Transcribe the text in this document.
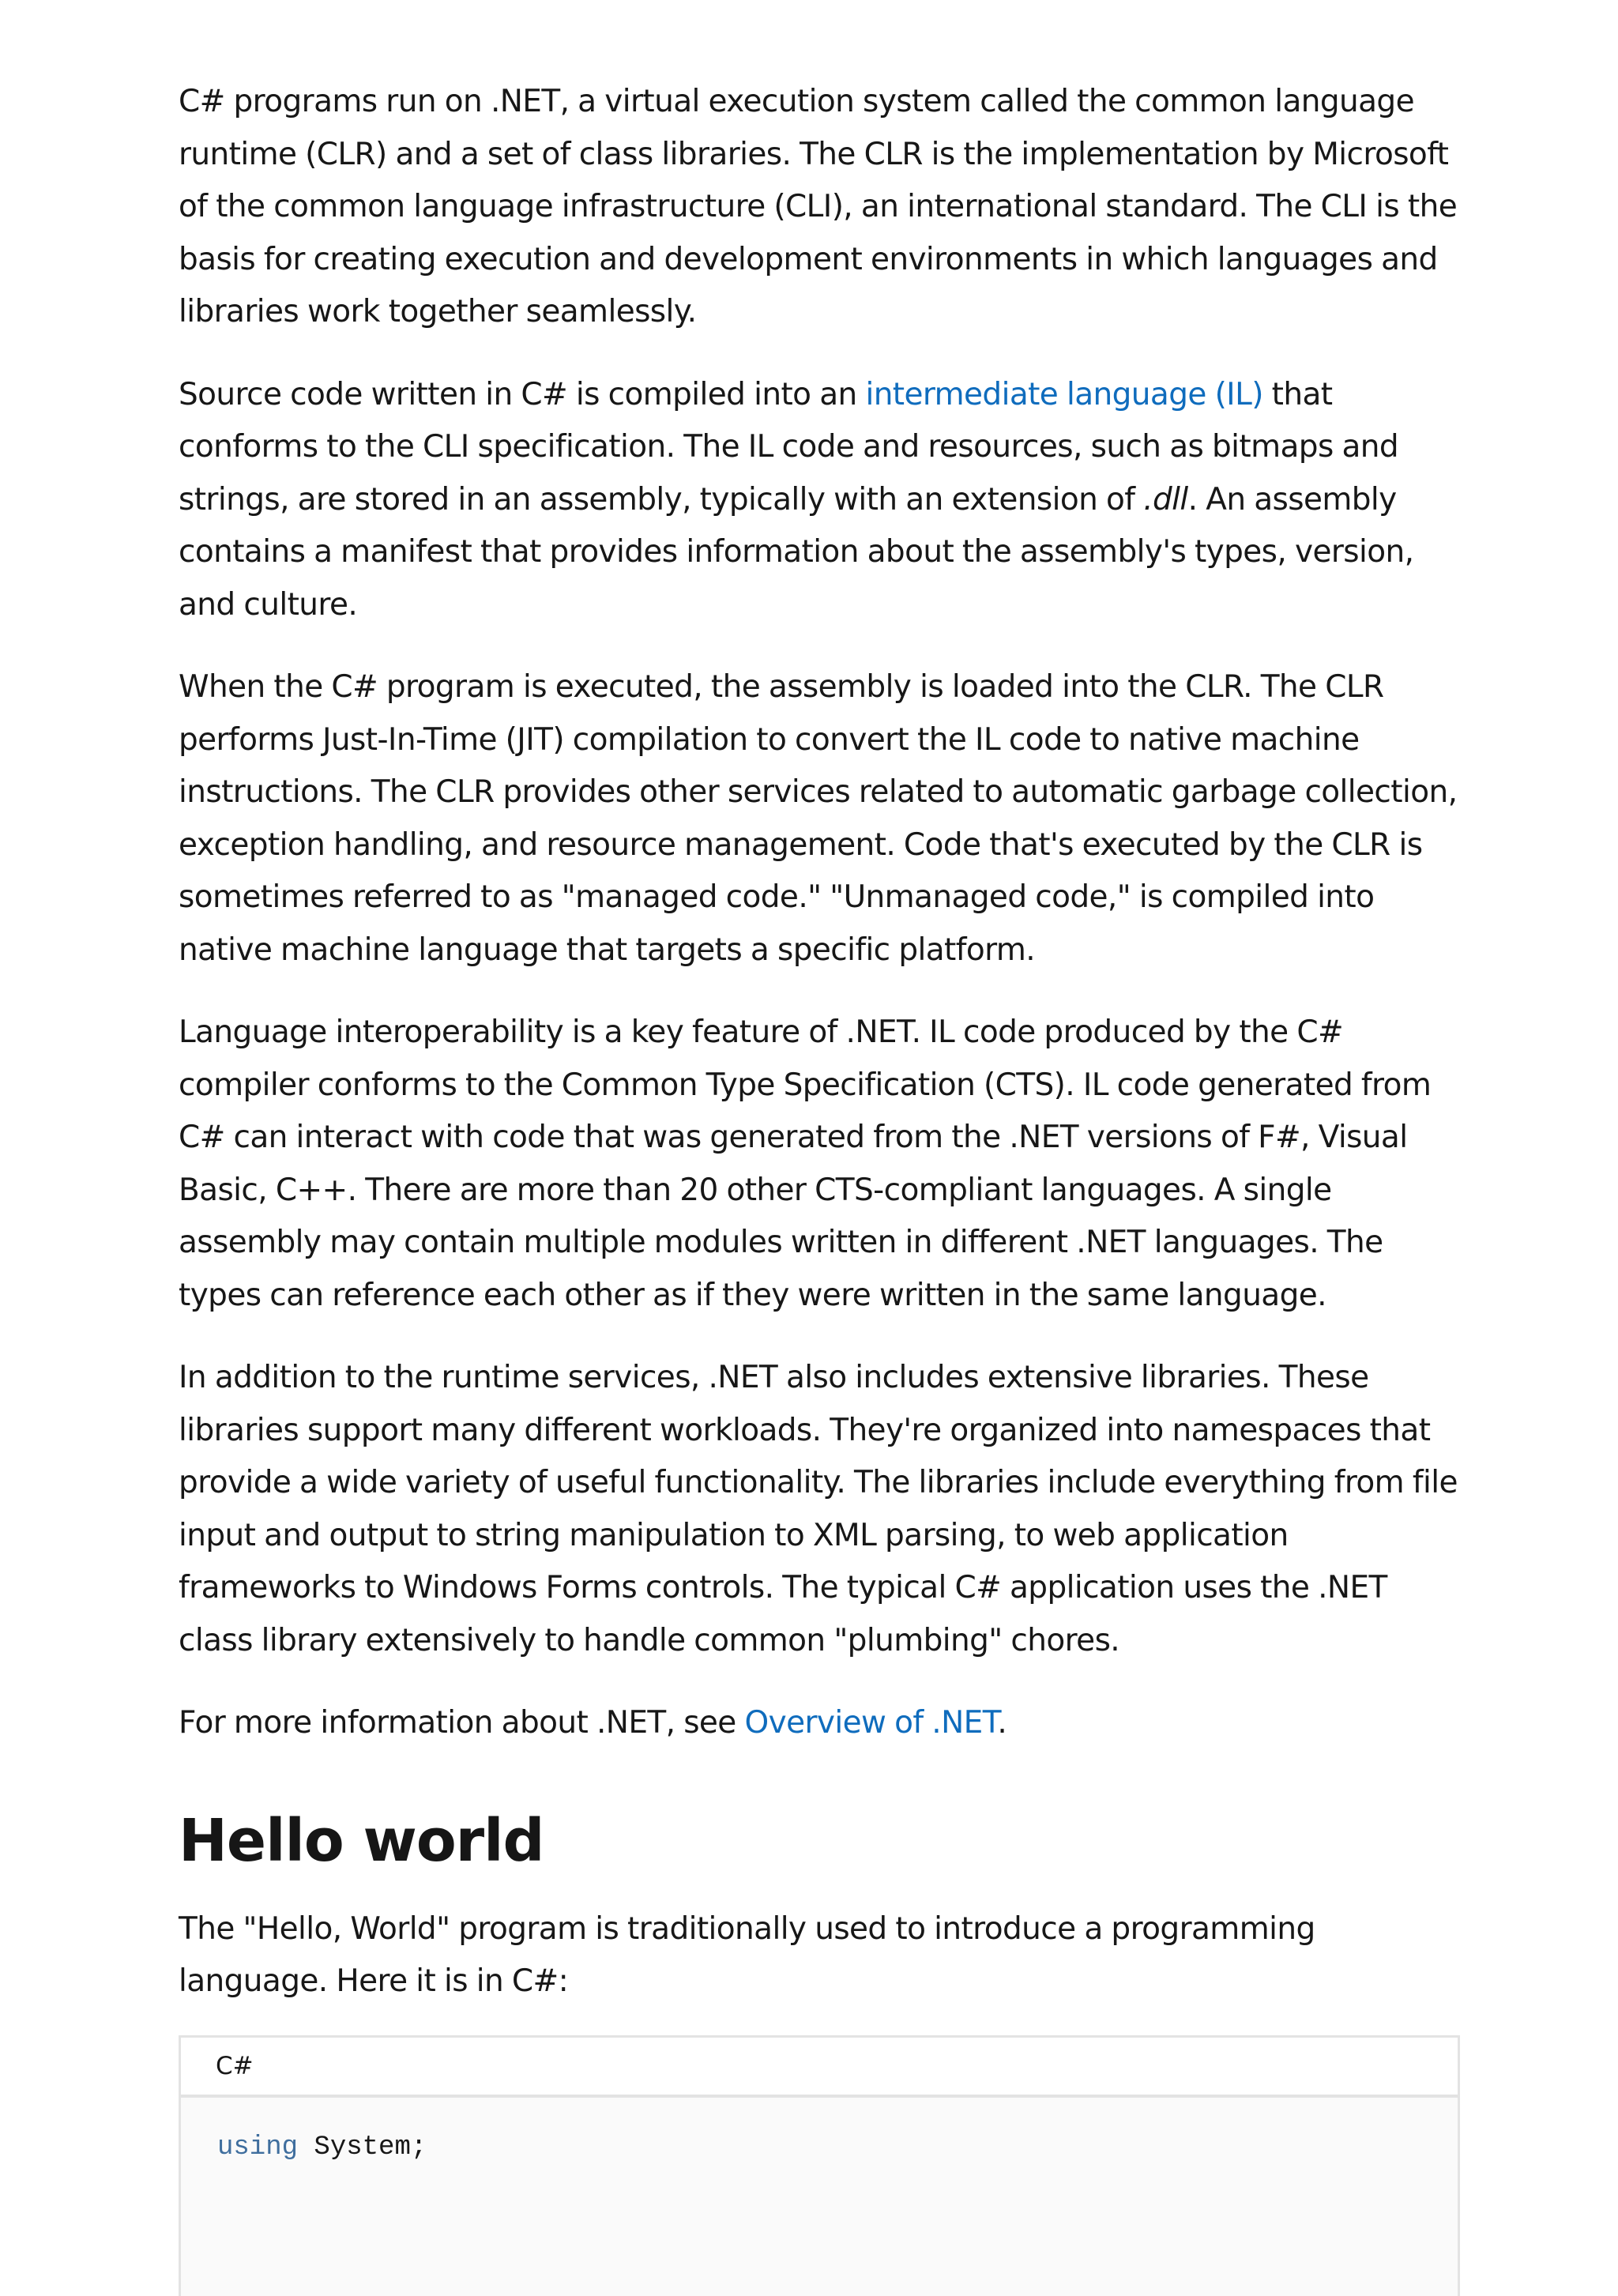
C# programs run on .NET, a virtual execution system called the common language runtime (CLR) and a set of class libraries. The CLR is the implementation by Microsoft of the common language infrastructure (CLI), an international standard. The CLI is the basis for creating execution and development environments in which languages and libraries work together seamlessly.

Source code written in C# is compiled into an intermediate language (IL) that conforms to the CLI specification. The IL code and resources, such as bitmaps and strings, are stored in an assembly, typically with an extension of .dll. An assembly contains a manifest that provides information about the assembly's types, version, and culture.

When the C# program is executed, the assembly is loaded into the CLR. The CLR performs Just-In-Time (JIT) compilation to convert the IL code to native machine instructions. The CLR provides other services related to automatic garbage collection, exception handling, and resource management. Code that's executed by the CLR is sometimes referred to as "managed code." "Unmanaged code," is compiled into native machine language that targets a specific platform.

Language interoperability is a key feature of .NET. IL code produced by the C# compiler conforms to the Common Type Specification (CTS). IL code generated from C# can interact with code that was generated from the .NET versions of F#, Visual Basic, C++. There are more than 20 other CTS-compliant languages. A single assembly may contain multiple modules written in different .NET languages. The types can reference each other as if they were written in the same language.

In addition to the runtime services, .NET also includes extensive libraries. These libraries support many different workloads. They're organized into namespaces that provide a wide variety of useful functionality. The libraries include everything from file input and output to string manipulation to XML parsing, to web application frameworks to Windows Forms controls. The typical C# application uses the .NET class library extensively to handle common "plumbing" chores.

For more information about .NET, see Overview of .NET.

Hello world

The "Hello, World" program is traditionally used to introduce a programming language. Here it is in C#:

C#
using System;
